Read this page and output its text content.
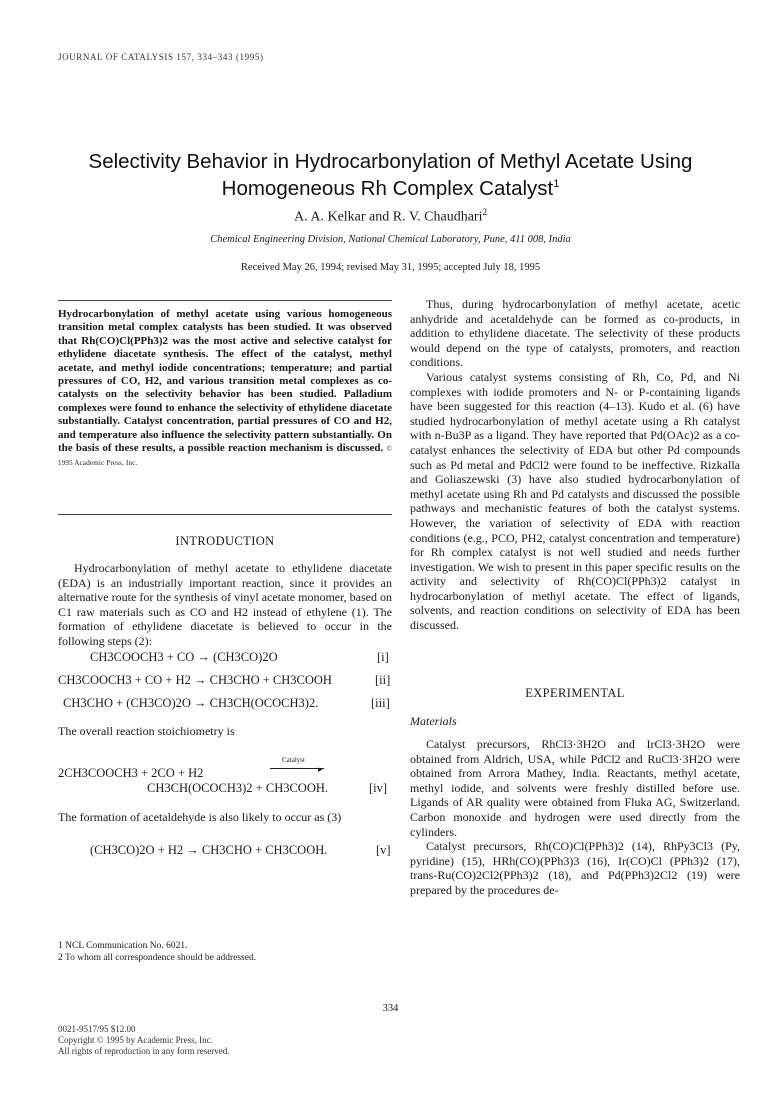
JOURNAL OF CATALYSIS 157, 334–343 (1995)
Selectivity Behavior in Hydrocarbonylation of Methyl Acetate Using
Homogeneous Rh Complex Catalyst$^1$
A. A. Kelkar and R. V. Chaudhari$^2$
Chemical Engineering Division, National Chemical Laboratory, Pune, 411 008, India
Received May 26, 1994; revised May 31, 1995; accepted July 18, 1995
Hydrocarbonylation of methyl acetate using various homogeneous transition metal complex catalysts has been studied. It was observed that Rh(CO)Cl(PPh3)2 was the most active and selective catalyst for ethylidene diacetate synthesis. The effect of the catalyst, methyl acetate, and methyl iodide concentrations; temperature; and partial pressures of CO, H2, and various transition metal complexes as co-catalysts on the selectivity behavior has been studied. Palladium complexes were found to enhance the selectivity of ethylidene diacetate substantially. Catalyst concentration, partial pressures of CO and H2, and temperature also influence the selectivity pattern substantially. On the basis of these results, a possible reaction mechanism is discussed. © 1995 Academic Press, Inc.
INTRODUCTION

Hydrocarbonylation of methyl acetate to ethylidene diacetate (EDA) is an industrially important reaction, since it provides an alternative route for the synthesis of vinyl acetate monomer, based on C1 raw materials such as CO and H2 instead of ethylene (1). The formation of ethylidene diacetate is believed to occur in the following steps (2):

CH3COOCH3 + CO → (CH3CO)2O	[i]
CH3COOCH3 + CO + H2 → CH3CHO + CH3COOH	[ii]
CH3CHO + (CH3CO)2O → CH3CH(OCOCH3)2.	[iii]
The overall reaction stoichiometry is
Catalyst
2CH3COOCH3 + 2CO + H2	▸
CH3CH(OCOCH3)2 + CH3COOH.	[iv]
The formation of acetaldehyde is also likely to occur as (3)
(CH3CO)2O + H2 → CH3CHO + CH3COOH.	[v]
1 NCL Communication No. 6021.
2 To whom all correspondence should be addressed.

Thus, during hydrocarbonylation of methyl acetate, acetic anhydride and acetaldehyde can be formed as co-products, in addition to ethylidene diacetate. The selectivity of these products would depend on the type of catalysts, promoters, and reaction conditions.

Various catalyst systems consisting of Rh, Co, Pd, and Ni complexes with iodide promoters and N- or P-containing ligands have been suggested for this reaction (4–13). Kudo et al. (6) have studied hydrocarbonylation of methyl acetate using a Rh catalyst with n-Bu3P as a ligand. They have reported that Pd(OAc)2 as a co-catalyst enhances the selectivity of EDA but other Pd compounds such as Pd metal and PdCl2 were found to be ineffective. Rizkalla and Goliaszewski (3) have also studied hydrocarbonylation of methyl acetate using Rh and Pd catalysts and discussed the possible pathways and mechanistic features of both the catalyst systems. However, the variation of selectivity of EDA with reaction conditions (e.g., PCO, PH2, catalyst concentration and temperature) for Rh complex catalyst is not well studied and needs further investigation. We wish to present in this paper specific results on the activity and selectivity of Rh(CO)Cl(PPh3)2 catalyst in hydrocarbonylation of methyl acetate. The effect of ligands, solvents, and reaction conditions on selectivity of EDA has been discussed.

EXPERIMENTAL
Materials

Catalyst precursors, RhCl3·3H2O and IrCl3·3H2O were obtained from Aldrich, USA, while PdCl2 and RuCl3·3H2O were obtained from Arrora Mathey, India. Reactants, methyl acetate, methyl iodide, and solvents were freshly distilled before use. Ligands of AR quality were obtained from Fluka AG, Switzerland. Carbon monoxide and hydrogen were used directly from the cylinders.

Catalyst precursors, Rh(CO)Cl(PPh3)2 (14), RhPy3Cl3 (Py, pyridine) (15), HRh(CO)(PPh3)3 (16), Ir(CO)Cl (PPh3)2 (17), trans-Ru(CO)2Cl2(PPh3)2 (18), and Pd(PPh3)2Cl2 (19) were prepared by the procedures de-

334
0021-9517/95 $12.00
Copyright © 1995 by Academic Press, Inc.
All rights of reproduction in any form reserved.
